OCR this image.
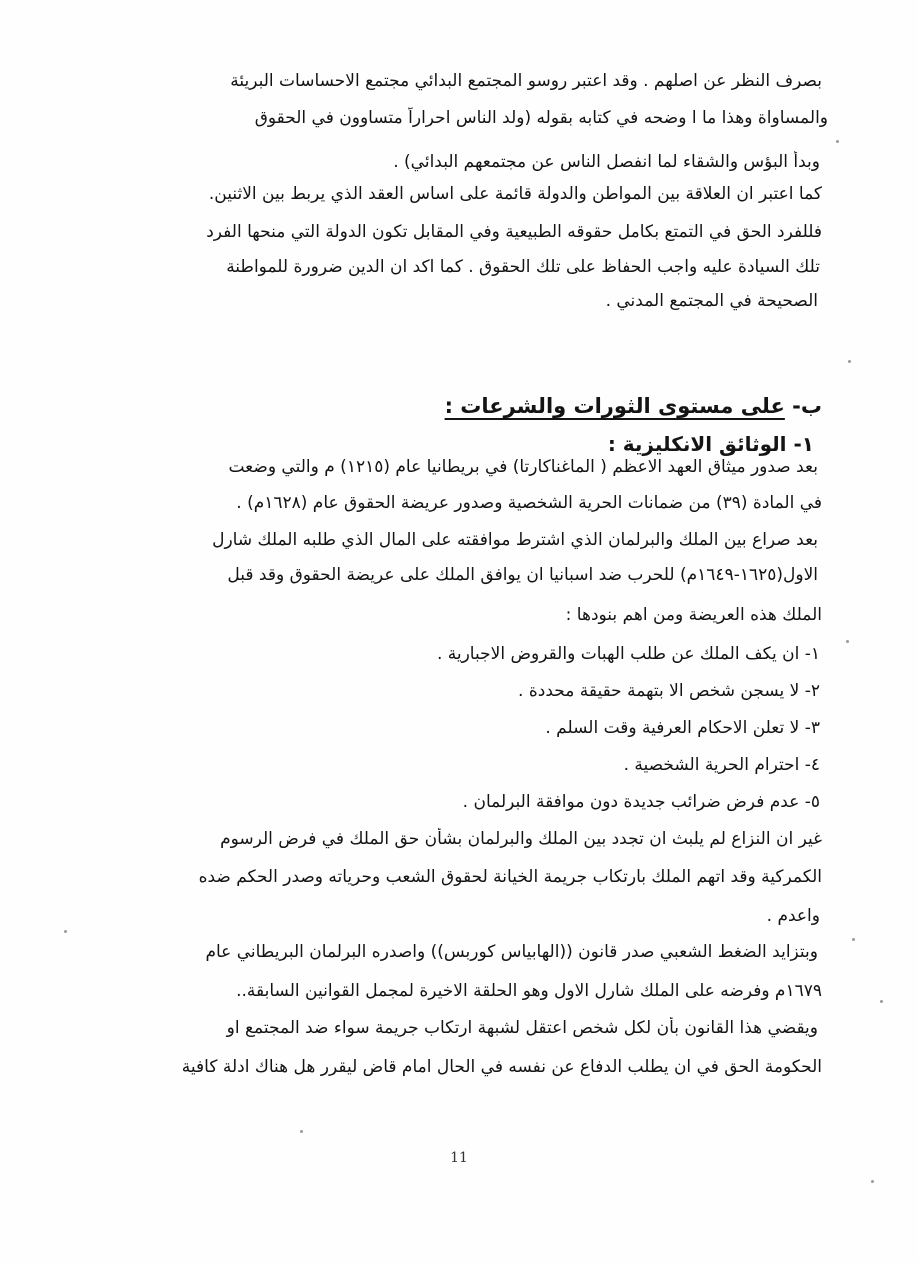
بصرف النظر عن اصلهم . وقد اعتبر روسو المجتمع البدائي مجتمع الاحساسات البريئة
والمساواة وهذا ما ا وضحه في كتابه بقوله (ولد الناس احراراً متساوون في الحقوق
وبدأ البؤس والشقاء لما انفصل الناس عن مجتمعهم البدائي) .
كما اعتبر ان العلاقة بين المواطن والدولة قائمة على اساس العقد الذي يربط بين الاثنين.
فللفرد الحق في التمتع بكامل حقوقه الطبيعية وفي المقابل تكون الدولة التي منحها الفرد
تلك السيادة عليه واجب الحفاظ على تلك الحقوق . كما اكد ان الدين ضرورة للمواطنة
الصحيحة في المجتمع المدني .
ب- على مستوى الثورات والشرعات :
١- الوثائق الانكليزية :
بعد صدور ميثاق العهد الاعظم ( الماغناكارتا) في بريطانيا عام (١٢١٥) م والتي وضعت
في المادة (٣٩) من ضمانات الحرية الشخصية وصدور عريضة الحقوق عام (١٦٢٨م) .
بعد صراع بين الملك والبرلمان الذي اشترط موافقته على المال الذي طلبه الملك شارل
الاول(١٦٢٥-١٦٤٩م) للحرب ضد اسبانيا ان يوافق الملك على عريضة الحقوق وقد قبل
الملك هذه العريضة ومن اهم بنودها :
١- ان يكف الملك عن طلب الهبات والقروض الاجبارية .
٢- لا يسجن شخص الا بتهمة حقيقة محددة .
٣- لا تعلن الاحكام العرفية وقت السلم .
٤- احترام الحرية الشخصية .
٥- عدم فرض ضرائب جديدة دون موافقة البرلمان .
غير ان النزاع لم يلبث ان تجدد بين الملك والبرلمان بشأن حق الملك في فرض الرسوم
الكمركية وقد اتهم الملك بارتكاب جريمة الخيانة لحقوق الشعب وحرياته وصدر الحكم ضده
واعدم .
وبتزايد الضغط الشعبي صدر قانون ((الهابياس كوربس)) واصدره البرلمان البريطاني عام
١٦٧٩م وفرضه على الملك شارل الاول وهو الحلقة الاخيرة لمجمل القوانين السابقة..
ويقضي هذا القانون بأن لكل شخص اعتقل لشبهة ارتكاب جريمة سواء ضد المجتمع او
الحكومة الحق في ان يطلب الدفاع عن نفسه في الحال امام قاض ليقرر هل هناك ادلة كافية
11
